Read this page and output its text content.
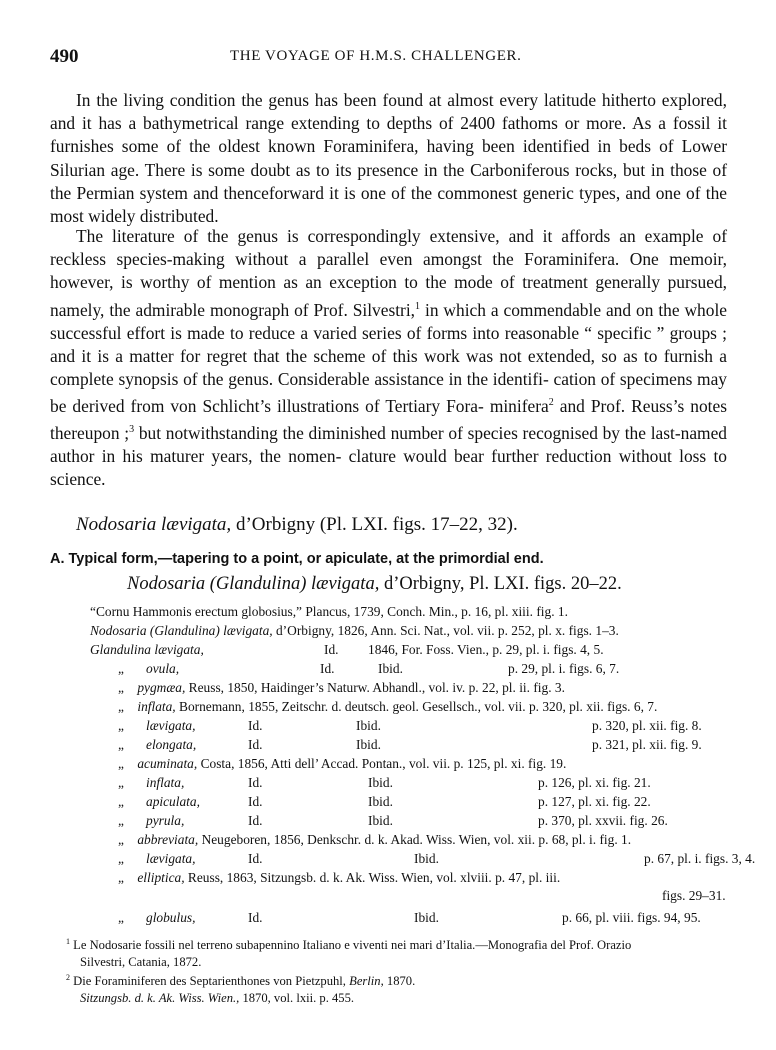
490	THE VOYAGE OF H.M.S. CHALLENGER.

In the living condition the genus has been found at almost every latitude hitherto explored, and it has a bathymetrical range extending to depths of 2400 fathoms or more. As a fossil it furnishes some of the oldest known Foraminifera, having been identified in beds of Lower Silurian age. There is some doubt as to its presence in the Carboniferous rocks, but in those of the Permian system and thenceforward it is one of the commonest generic types, and one of the most widely distributed.

The literature of the genus is correspondingly extensive, and it affords an example of reckless species-making without a parallel even amongst the Foraminifera. One memoir, however, is worthy of mention as an exception to the mode of treatment generally pursued, namely, the admirable monograph of Prof. Silvestri,$^1$ in which a commendable and on the whole successful effort is made to reduce a varied series of forms into reasonable “ specific ” groups ; and it is a matter for regret that the scheme of this work was not extended, so as to furnish a complete synopsis of the genus. Considerable assistance in the identifi- cation of specimens may be derived from von Schlicht’s illustrations of Tertiary Fora- minifera$^2$ and Prof. Reuss’s notes thereupon ;$^3$ but notwithstanding the diminished number of species recognised by the last-named author in his maturer years, the nomen- clature would bear further reduction without loss to science.

Nodosaria lævigata, d’Orbigny (Pl. LXI. figs. 17–22, 32).
A. Typical form,—tapering to a point, or apiculate, at the primordial end.
Nodosaria (Glandulina) lævigata, d’Orbigny, Pl. LXI. figs. 20–22.
“Cornu Hammonis erectum globosius,” Plancus, 1739, Conch. Min., p. 16, pl. xiii. fig. 1.
Nodosaria (Glandulina) lævigata, d’Orbigny, 1826, Ann. Sci. Nat., vol. vii. p. 252, pl. x. figs. 1–3.
Glandulina lævigata,	Id. 1846, For. Foss. Vien., p. 29, pl. i. figs. 4, 5.
„ ovula,	Id.	Ibid.	p. 29, pl. i. figs. 6, 7.
„ pygmæa, Reuss, 1850, Haidinger’s Naturw. Abhandl., vol. iv. p. 22, pl. ii. fig. 3.
„ inflata, Bornemann, 1855, Zeitschr. d. deutsch. geol. Gesellsch., vol. vii. p. 320, pl. xii. figs. 6, 7.
„ lævigata,	Id.	Ibid.	p. 320, pl. xii. fig. 8.
„ elongata,	Id.	Ibid.	p. 321, pl. xii. fig. 9.
„ acuminata, Costa, 1856, Atti dell’ Accad. Pontan., vol. vii. p. 125, pl. xi. fig. 19.
„ inflata,	Id.	Ibid.	p. 126, pl. xi. fig. 21.
„ apiculata,	Id.	Ibid.	p. 127, pl. xi. fig. 22.
„ pyrula,	Id.	Ibid.	p. 370, pl. xxvii. fig. 26.
„ abbreviata, Neugeboren, 1856, Denkschr. d. k. Akad. Wiss. Wien, vol. xii. p. 68, pl. i. fig. 1.
„ lævigata,	Id.	Ibid.	p. 67, pl. i. figs. 3, 4.
„ elliptica, Reuss, 1863, Sitzungsb. d. k. Ak. Wiss. Wien, vol. xlviii. p. 47, pl. iii.
figs. 29–31.
„ globulus,	Id.	Ibid.	p. 66, pl. viii. figs. 94, 95.
$^1$ Le Nodosarie fossili nel terreno subapennino Italiano e viventi nei mari d’Italia.—Monografia del Prof. Orazio
Silvestri, Catania, 1872.
$^2$ Die Foraminiferen des Septarienthones von Pietzpuhl, Berlin, 1870.
Sitzungsb. d. k. Ak. Wiss. Wien., 1870, vol. lxii. p. 455.
